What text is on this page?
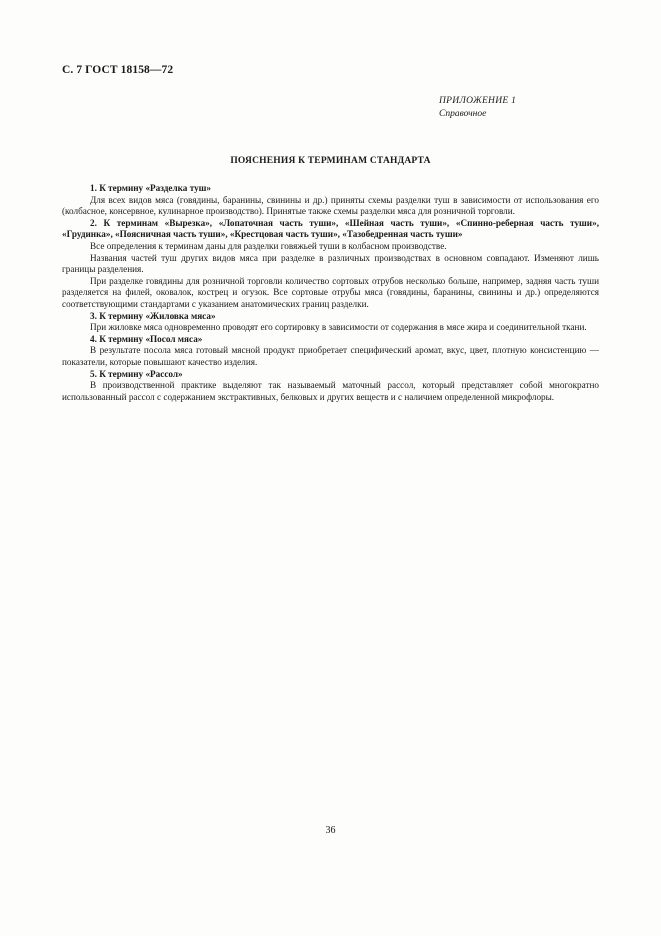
С. 7 ГОСТ 18158—72
ПРИЛОЖЕНИЕ 1
Справочное
ПОЯСНЕНИЯ К ТЕРМИНАМ СТАНДАРТА

1. К термину «Разделка туш»

Для всех видов мяса (говядины, баранины, свинины и др.) приняты схемы разделки туш в зависимости от использования его (колбасное, консервное, кулинарное производство). Принятые также схемы разделки мяса для розничной торговли.

2. К терминам «Вырезка», «Лопаточная часть туши», «Шейная часть туши», «Спинно-реберная часть туши», «Грудинка», «Поясничная часть туши», «Крестцовая часть туши», «Тазобедренная часть туши»

Все определения к терминам даны для разделки говяжьей туши в колбасном производстве.

Названия частей туш других видов мяса при разделке в различных производствах в основном совпадают. Изменяют лишь границы разделения.

При разделке говядины для розничной торговли количество сортовых отрубов несколько больше, например, задняя часть туши разделяется на филей, оковалок, кострец и огузок. Все сортовые отрубы мяса (говядины, баранины, свинины и др.) определяются соответствующими стандартами с указанием анатомических границ разделки.

3. К термину «Жиловка мяса»

При жиловке мяса одновременно проводят его сортировку в зависимости от содержания в мясе жира и соединительной ткани.

4. К термину «Посол мяса»

В результате посола мяса готовый мясной продукт приобретает специфический аромат, вкус, цвет, плотную консистенцию — показатели, которые повышают качество изделия.

5. К термину «Рассол»

В производственной практике выделяют так называемый маточный рассол, который представляет собой многократно использованный рассол с содержанием экстрактивных, белковых и других веществ и с наличием определенной микрофлоры.

36
